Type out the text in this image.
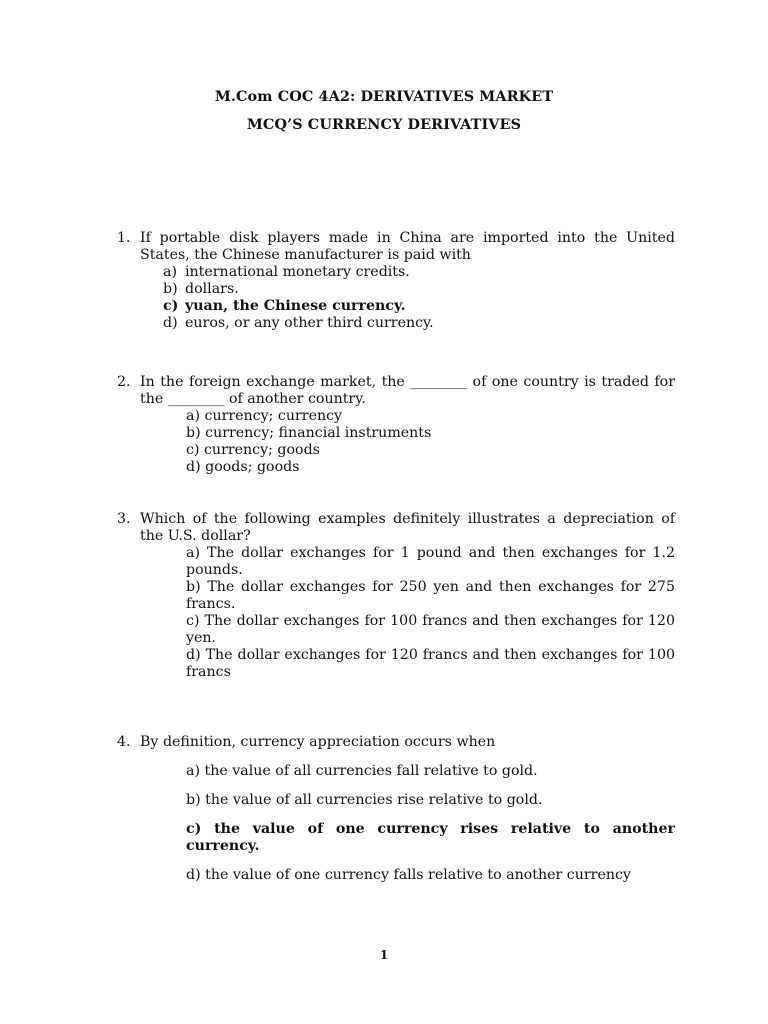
M.Com COC 4A2: DERIVATIVES MARKET
MCQ’S CURRENCY DERIVATIVES
1. If portable disk players made in China are imported into the United States, the Chinese manufacturer is paid with
a) international monetary credits.
b) dollars.
c) yuan, the Chinese currency.
d) euros, or any other third currency.
2. In the foreign exchange market, the ________ of one country is traded for the ________ of another country.
a) currency; currency
b) currency; financial instruments
c) currency; goods
d) goods; goods
3. Which of the following examples definitely illustrates a depreciation of the U.S. dollar?
a) The dollar exchanges for 1 pound and then exchanges for 1.2 pounds.
b) The dollar exchanges for 250 yen and then exchanges for 275 francs.
c) The dollar exchanges for 100 francs and then exchanges for 120 yen.
d) The dollar exchanges for 120 francs and then exchanges for 100 francs
4. By definition, currency appreciation occurs when
a) the value of all currencies fall relative to gold.
b) the value of all currencies rise relative to gold.
c) the value of one currency rises relative to another currency.
d) the value of one currency falls relative to another currency
1
